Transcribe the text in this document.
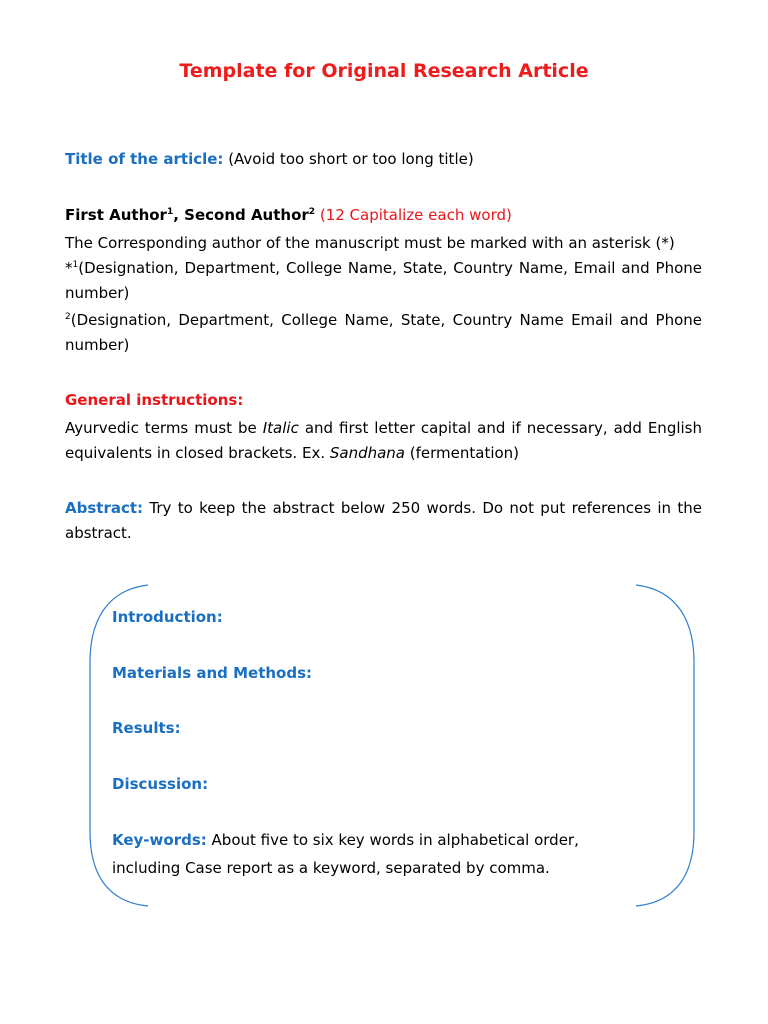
Template for Original Research Article
Title of the article: (Avoid too short or too long title)
First Author$^1$, Second Author$^2$ (12 Capitalize each word)
The Corresponding author of the manuscript must be marked with an asterisk (*)
*$^1$(Designation, Department, College Name, State, Country Name, Email and Phone number)
$^2$(Designation, Department, College Name, State, Country Name Email and Phone number)
General instructions:
Ayurvedic terms must be Italic and first letter capital and if necessary, add English equivalents in closed brackets. Ex. Sandhana (fermentation)
Abstract: Try to keep the abstract below 250 words. Do not put references in the abstract.
Introduction:
Materials and Methods:
Results:
Discussion:
Key-words: About five to six key words in alphabetical order,
including Case report as a keyword, separated by comma.
